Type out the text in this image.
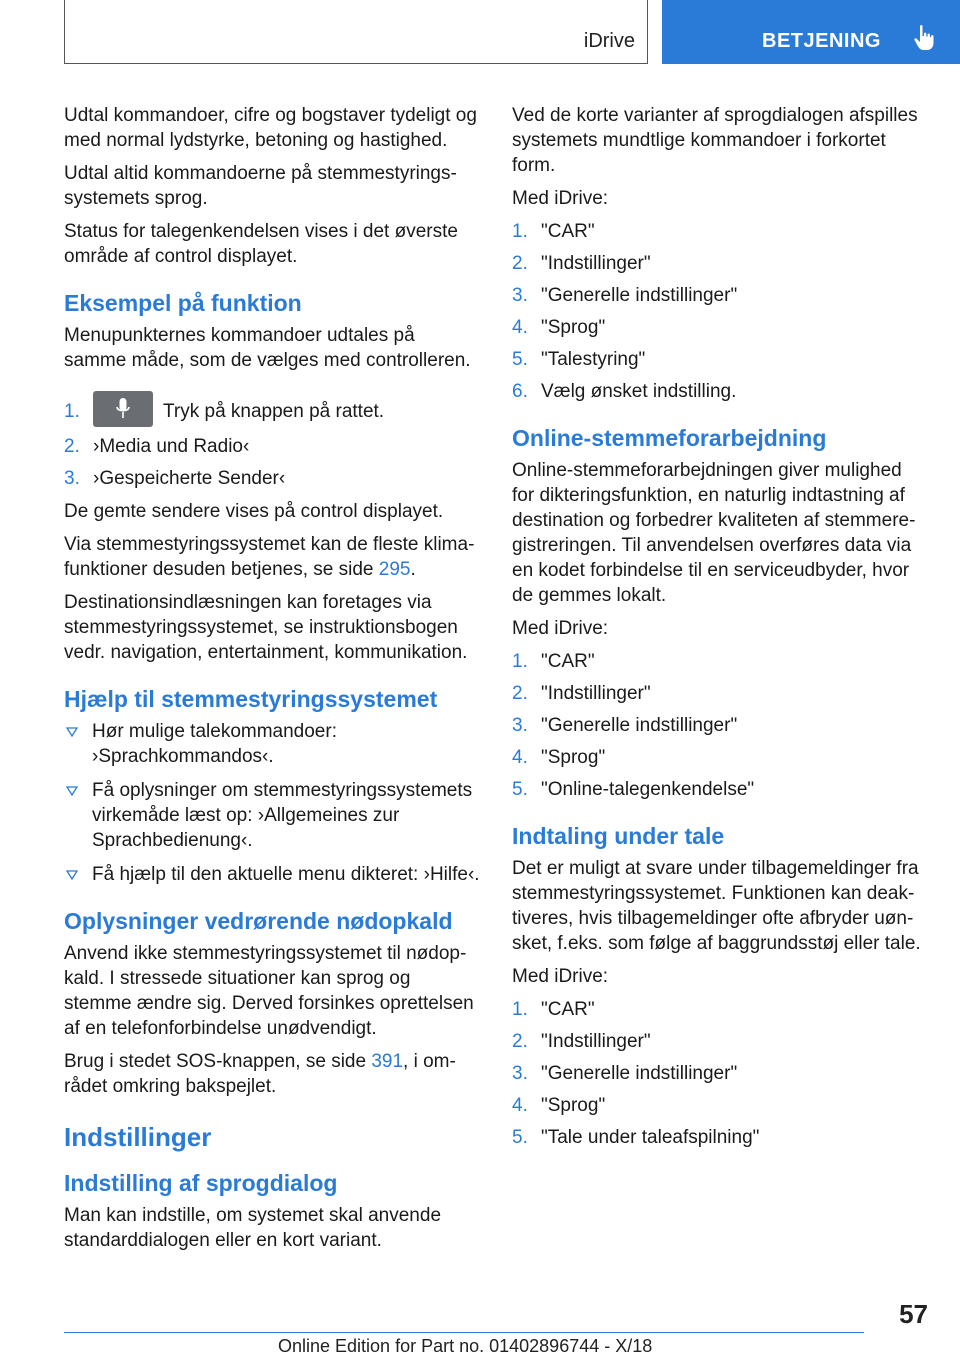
iDrive	BETJENING

Udtal kommandoer, cifre og bogstaver tydeligt og med normal lydstyrke, betoning og hastighed.

Udtal altid kommandoerne på stemmestyringssystemets sprog.

Status for talegenkendelsen vises i det øverste område af control displayet.

Eksempel på funktion

Menupunkternes kommandoer udtales på samme måde, som de vælges med controlleren.

1.	Tryk på knappen på rattet.
2. ›Media und Radio‹
3. ›Gespeicherte Sender‹

De gemte sendere vises på control displayet.

Via stemmestyringssystemet kan de fleste klimafunktioner desuden betjenes, se side 295.

Destinationsindlæsningen kan foretages via stemmestyringssystemet, se instruktionsbogen vedr. navigation, entertainment, kommunikation.

Hjælp til stemmestyringssystemet
Hør mulige talekommandoer: ›Sprachkommandos‹.
Få oplysninger om stemmestyringssystemets virkemåde læst op: ›Allgemeines zur Sprachbedienung‹.
Få hjælp til den aktuelle menu dikteret: ›Hilfe‹.
Oplysninger vedrørende nødopkald

Anvend ikke stemmestyringssystemet til nødopkald. I stressede situationer kan sprog og stemme ændre sig. Derved forsinkes oprettelsen af en telefonforbindelse unødvendigt.

Brug i stedet SOS-knappen, se side 391, i området omkring bakspejlet.

Indstillinger
Indstilling af sprogdialog

Man kan indstille, om systemet skal anvende standarddialogen eller en kort variant.

Ved de korte varianter af sprogdialogen afspilles systemets mundtlige kommandoer i forkortet form.

Med iDrive:

1. "CAR"
2. "Indstillinger"
3. "Generelle indstillinger"
4. "Sprog"
5. "Talestyring"
6. Vælg ønsket indstilling.
Online-stemmeforarbejdning

Online-stemmeforarbejdningen giver mulighed for dikteringsfunktion, en naturlig indtastning af destination og forbedrer kvaliteten af stemmeregistreringen. Til anvendelsen overføres data via en kodet forbindelse til en serviceudbyder, hvor de gemmes lokalt.

Med iDrive:

1. "CAR"
2. "Indstillinger"
3. "Generelle indstillinger"
4. "Sprog"
5. "Online-talegenkendelse"
Indtaling under tale

Det er muligt at svare under tilbagemeldinger fra stemmestyringssystemet. Funktionen kan deaktiveres, hvis tilbagemeldinger ofte afbryder uønsket, f.eks. som følge af baggrundsstøj eller tale.

Med iDrive:

1. "CAR"
2. "Indstillinger"
3. "Generelle indstillinger"
4. "Sprog"
5. "Tale under taleafspilning"
57
Online Edition for Part no. 01402896744 - X/18
